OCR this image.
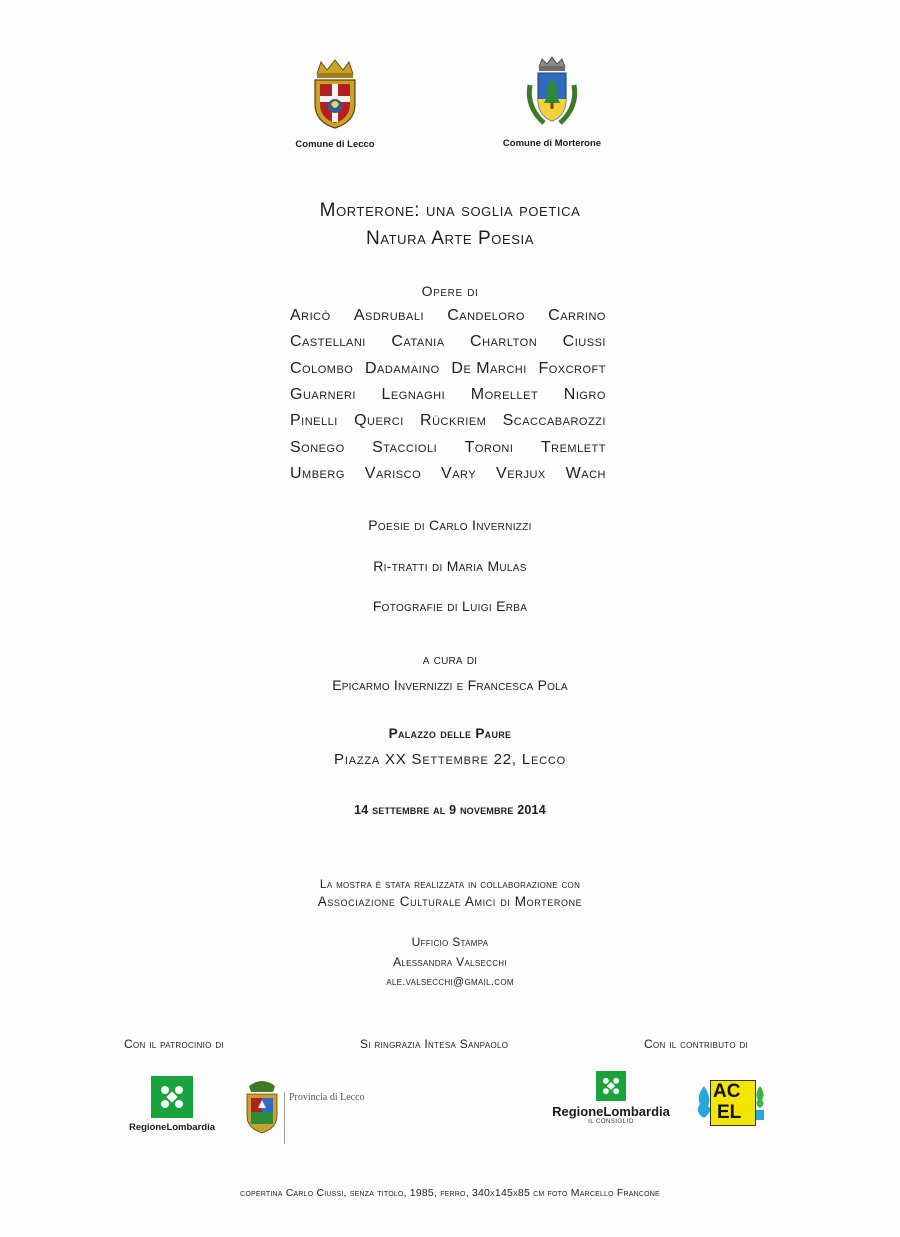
Comune di Lecco	Comune di Morterone
Morterone: una soglia poetica
Natura Arte Poesia
Opere di
Aricò Asdrubali Candeloro Carrino
Castellani Catania Charlton Ciussi
Colombo Dadamaino De Marchi Foxcroft
Guarneri Legnaghi Morellet Nigro
Pinelli Querci Rückriem Scaccabarozzi
Sonego Staccioli Toroni Tremlett
Umberg Varisco Vary Verjux Wach
Poesie di Carlo Invernizzi
Ri-tratti di Maria Mulas
Fotografie di Luigi Erba
a cura di
Epicarmo Invernizzi e Francesca Pola
Palazzo delle Paure
Piazza XX Settembre 22, Lecco
14 settembre al 9 novembre 2014
La mostra è stata realizzata in collaborazione con
Associazione Culturale Amici di Morterone
Ufficio Stampa
Alessandra Valsecchi
ale.valsecchi@gmail.com
Con il patrocinio di	Si ringrazia Intesa Sanpaolo	Con il contributo di
RegioneLombardia
Provincia di Lecco
RegioneLombardia
IL CONSIGLIO
AC
EL
copertina Carlo Ciussi, senza titolo, 1985, ferro, 340x145x85 cm foto Marcello Francone
